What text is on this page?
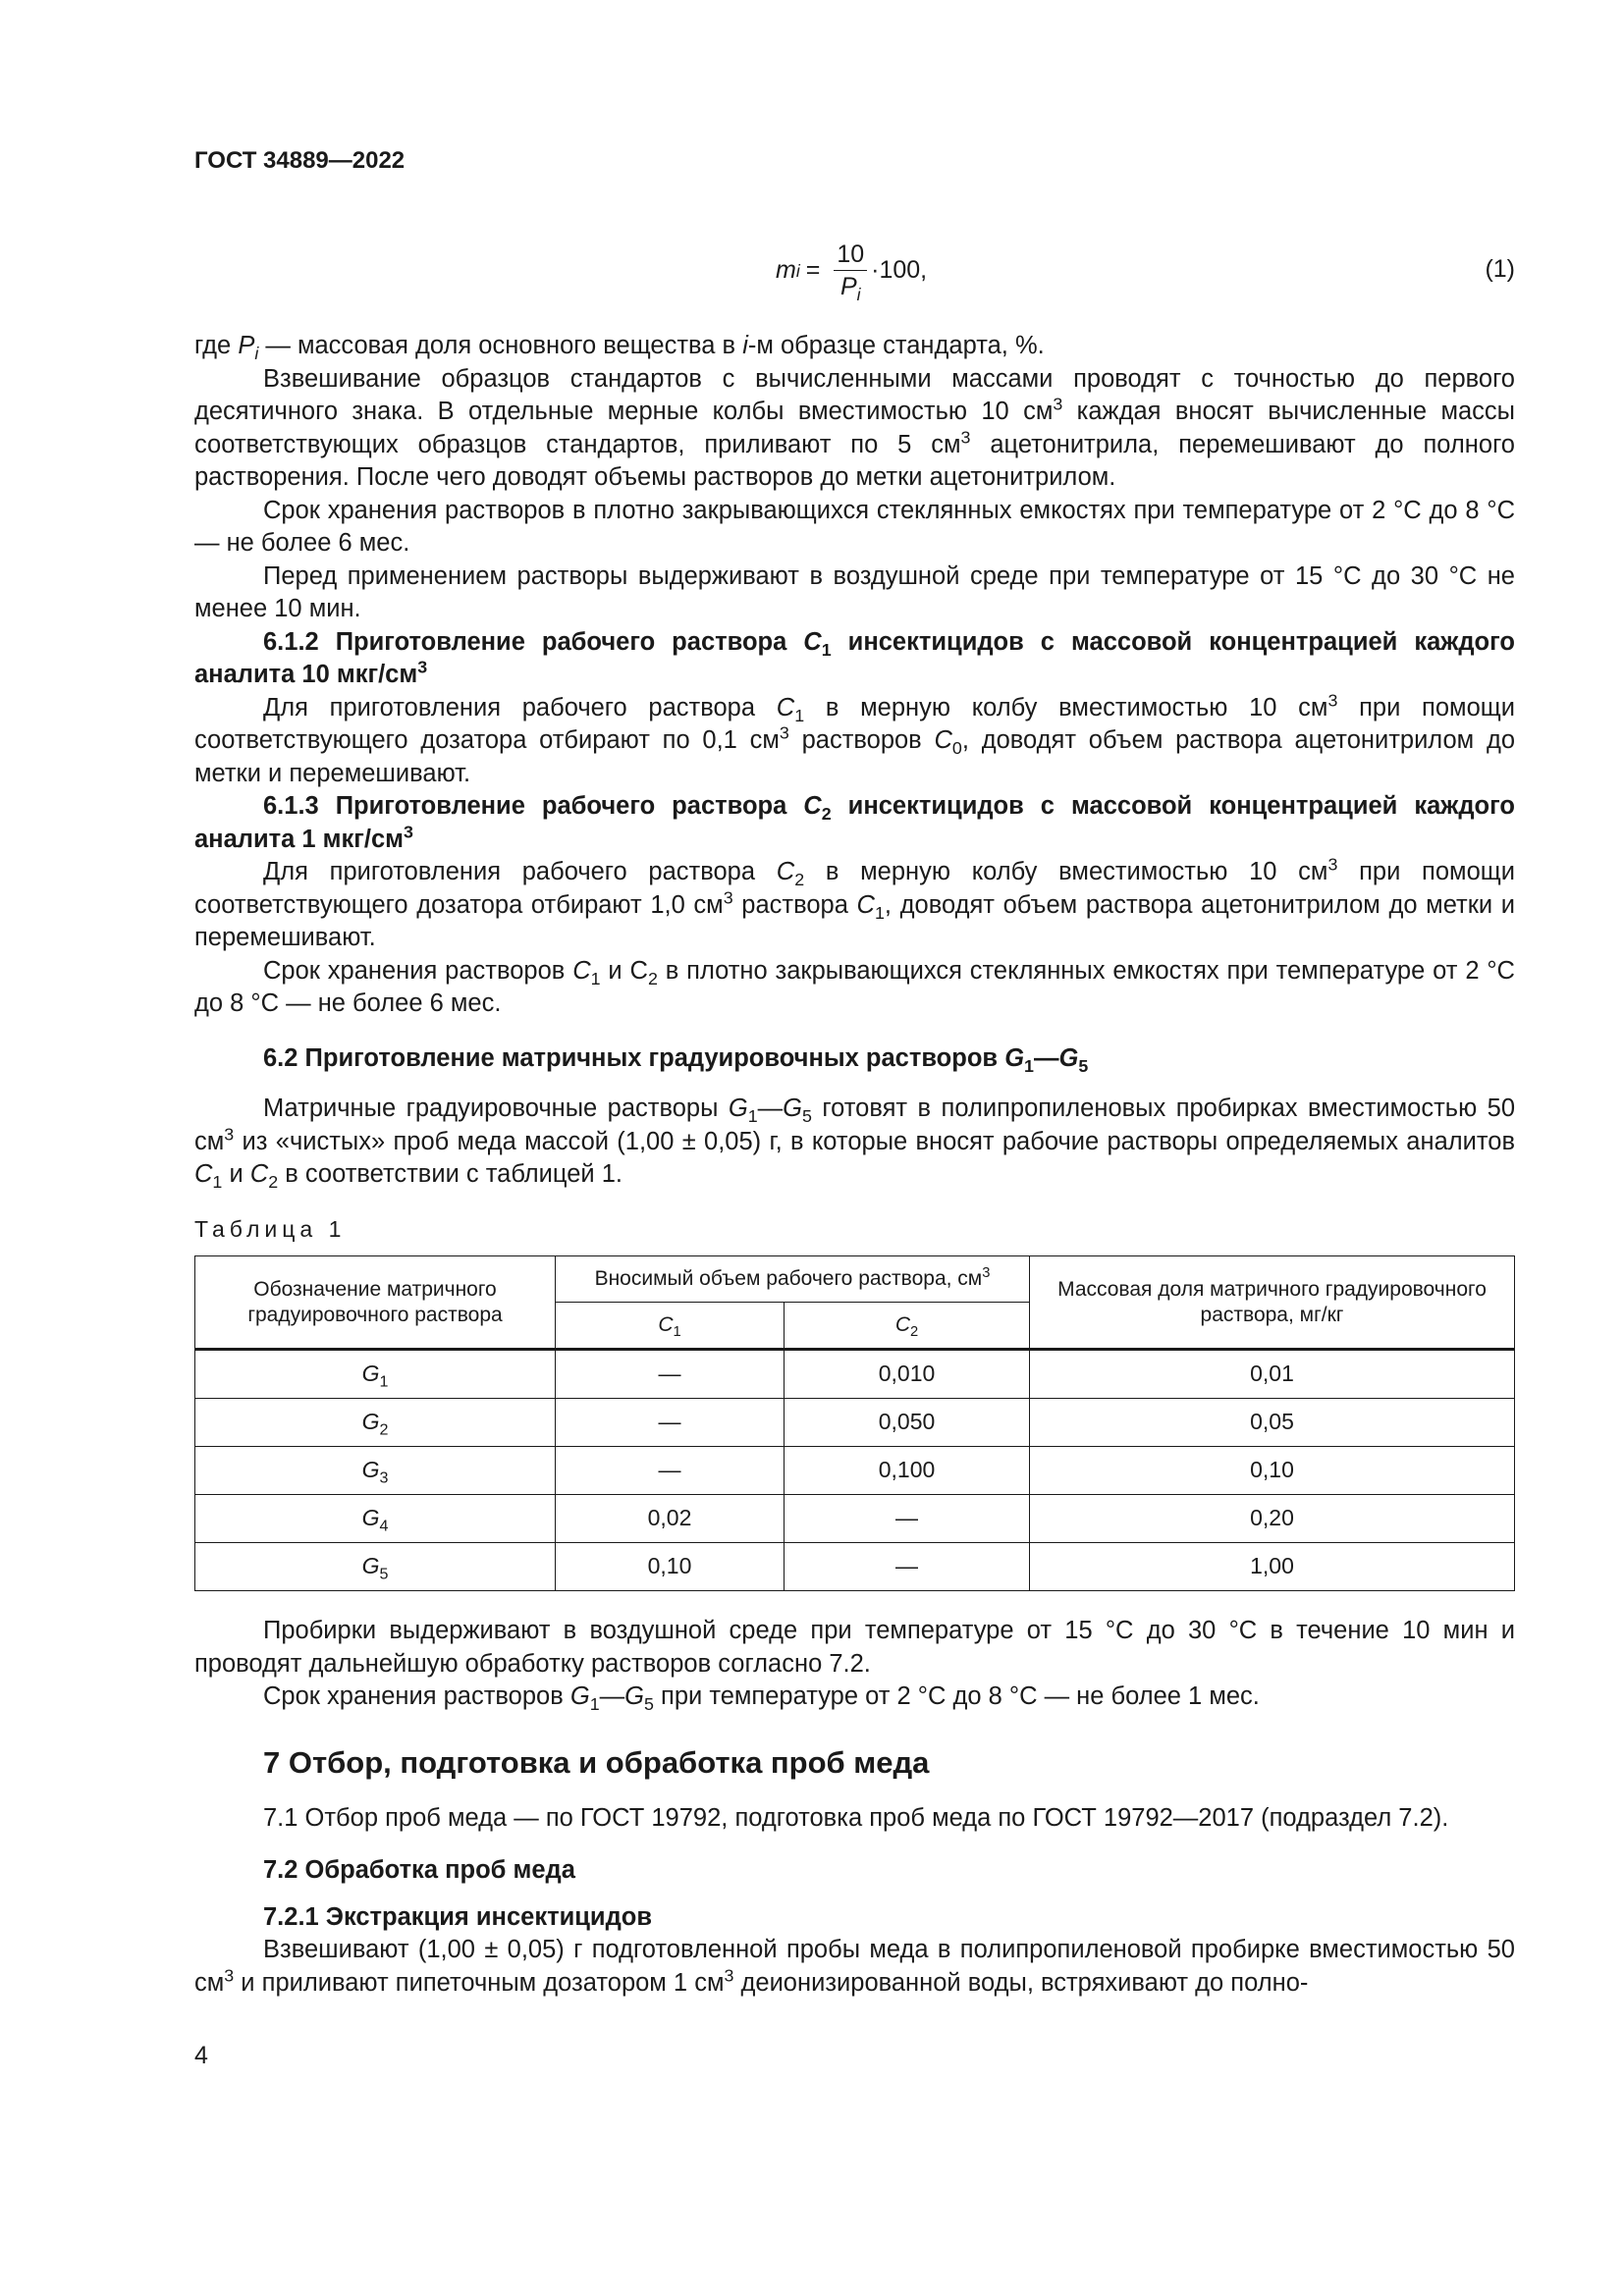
ГОСТ 34889—2022
m $i = \frac{10}{P_i} \cdot 100$,	(1)

где $P_i$ — массовая доля основного вещества в i-м образце стандарта, %.

Взвешивание образцов стандартов с вычисленными массами проводят с точностью до первого десятичного знака. В отдельные мерные колбы вместимостью 10 $см^3$ каждая вносят вычисленные массы соответствующих образцов стандартов, приливают по 5 $см^3$ ацетонитрила, перемешивают до полного растворения. После чего доводят объемы растворов до метки ацетонитрилом.

Срок хранения растворов в плотно закрывающихся стеклянных емкостях при температуре от 2 °С до 8 °С — не более 6 мес.

Перед применением растворы выдерживают в воздушной среде при температуре от 15 °С до 30 °С не менее 10 мин.

6.1.2 Приготовление рабочего раствора $C_1$ инсектицидов с массовой концентрацией каждого аналита 10 мкг/$см^3$

Для приготовления рабочего раствора $C_1$ в мерную колбу вместимостью 10 $см^3$ при помощи соответствующего дозатора отбирают по 0,1 $см^3$ растворов $C_0$, доводят объем раствора ацетонитрилом до метки и перемешивают.

6.1.3 Приготовление рабочего раствора $C_2$ инсектицидов с массовой концентрацией каждого аналита 1 мкг/$см^3$

Для приготовления рабочего раствора $C_2$ в мерную колбу вместимостью 10 $см^3$ при помощи соответствующего дозатора отбирают 1,0 $см^3$ раствора $C_1$, доводят объем раствора ацетонитрилом до метки и перемешивают.

Срок хранения растворов $C_1$ и $С_2$ в плотно закрывающихся стеклянных емкостях при температуре от 2 °С до 8 °С — не более 6 мес.

6.2 Приготовление матричных градуировочных растворов $G_1—G_5$

Матричные градуировочные растворы $G_1—G_5$ готовят в полипропиленовых пробирках вместимостью 50 $см^3$ из «чистых» проб меда массой (1,00 ± 0,05) г, в которые вносят рабочие растворы определяемых аналитов $C_1$ и $C_2$ в соответствии с таблицей 1.

Таблица 1

Обозначение матричного градуировочного раствора	Вносимый объем рабочего раствора, $см^3$		Массовая доля матричного градуировочного раствора, мг/кг
	$C_1$	$C_2$
$G_1$	—	0,010	0,01
$G_2$	—	0,050	0,05
$G_3$	—	0,100	0,10
$G_4$	0,02	—	0,20
$G_5$	0,10	—	1,00

Пробирки выдерживают в воздушной среде при температуре от 15 °С до 30 °С в течение 10 мин и проводят дальнейшую обработку растворов согласно 7.2.

Срок хранения растворов $G_1—G_5$ при температуре от 2 °С до 8 °С — не более 1 мес.

7 Отбор, подготовка и обработка проб меда

7.1 Отбор проб меда — по ГОСТ 19792, подготовка проб меда по ГОСТ 19792—2017 (подраздел 7.2).

7.2 Обработка проб меда

7.2.1 Экстракция инсектицидов

Взвешивают (1,00 ± 0,05) г подготовленной пробы меда в полипропиленовой пробирке вместимостью 50 $см^3$ и приливают пипеточным дозатором 1 $см^3$ деионизированной воды, встряхивают до полно-

4
